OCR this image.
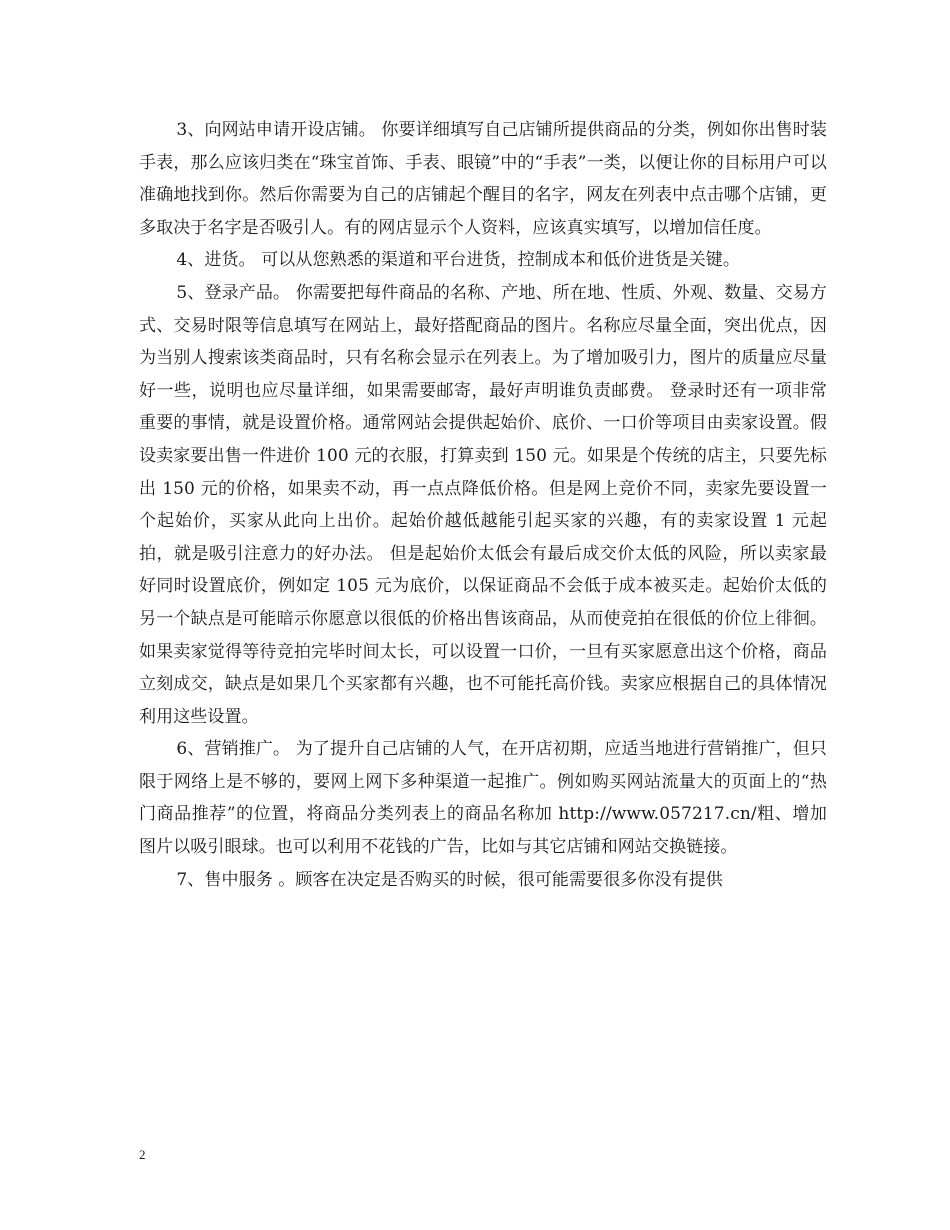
3、向网站申请开设店铺。 你要详细填写自己店铺所提供商品的分类，例如你出售时装手表，那么应该归类在“珠宝首饰、手表、眼镜”中的“手表”一类，以便让你的目标用户可以准确地找到你。然后你需要为自己的店铺起个醒目的名字，网友在列表中点击哪个店铺，更多取决于名字是否吸引人。有的网店显示个人资料，应该真实填写，以增加信任度。

4、进货。 可以从您熟悉的渠道和平台进货，控制成本和低价进货是关键。

5、登录产品。 你需要把每件商品的名称、产地、所在地、性质、外观、数量、交易方式、交易时限等信息填写在网站上，最好搭配商品的图片。名称应尽量全面，突出优点，因为当别人搜索该类商品时，只有名称会显示在列表上。为了增加吸引力，图片的质量应尽量好一些，说明也应尽量详细，如果需要邮寄，最好声明谁负责邮费。 登录时还有一项非常重要的事情，就是设置价格。通常网站会提供起始价、底价、一口价等项目由卖家设置。假设卖家要出售一件进价 100 元的衣服，打算卖到 150 元。如果是个传统的店主，只要先标出 150 元的价格，如果卖不动，再一点点降低价格。但是网上竞价不同，卖家先要设置一个起始价，买家从此向上出价。起始价越低越能引起买家的兴趣，有的卖家设置 1 元起拍，就是吸引注意力的好办法。 但是起始价太低会有最后成交价太低的风险，所以卖家最好同时设置底价，例如定 105 元为底价，以保证商品不会低于成本被买走。起始价太低的另一个缺点是可能暗示你愿意以很低的价格出售该商品，从而使竞拍在很低的价位上徘徊。如果卖家觉得等待竞拍完毕时间太长，可以设置一口价，一旦有买家愿意出这个价格，商品立刻成交，缺点是如果几个买家都有兴趣，也不可能托高价钱。卖家应根据自己的具体情况利用这些设置。

6、营销推广。 为了提升自己店铺的人气，在开店初期，应适当地进行营销推广，但只限于网络上是不够的，要网上网下多种渠道一起推广。例如购买网站流量大的页面上的“热门商品推荐”的位置，将商品分类列表上的商品名称加 http://www.057217.cn/粗、增加图片以吸引眼球。也可以利用不花钱的广告，比如与其它店铺和网站交换链接。

7、售中服务 。顾客在决定是否购买的时候，很可能需要很多你没有提供

2
